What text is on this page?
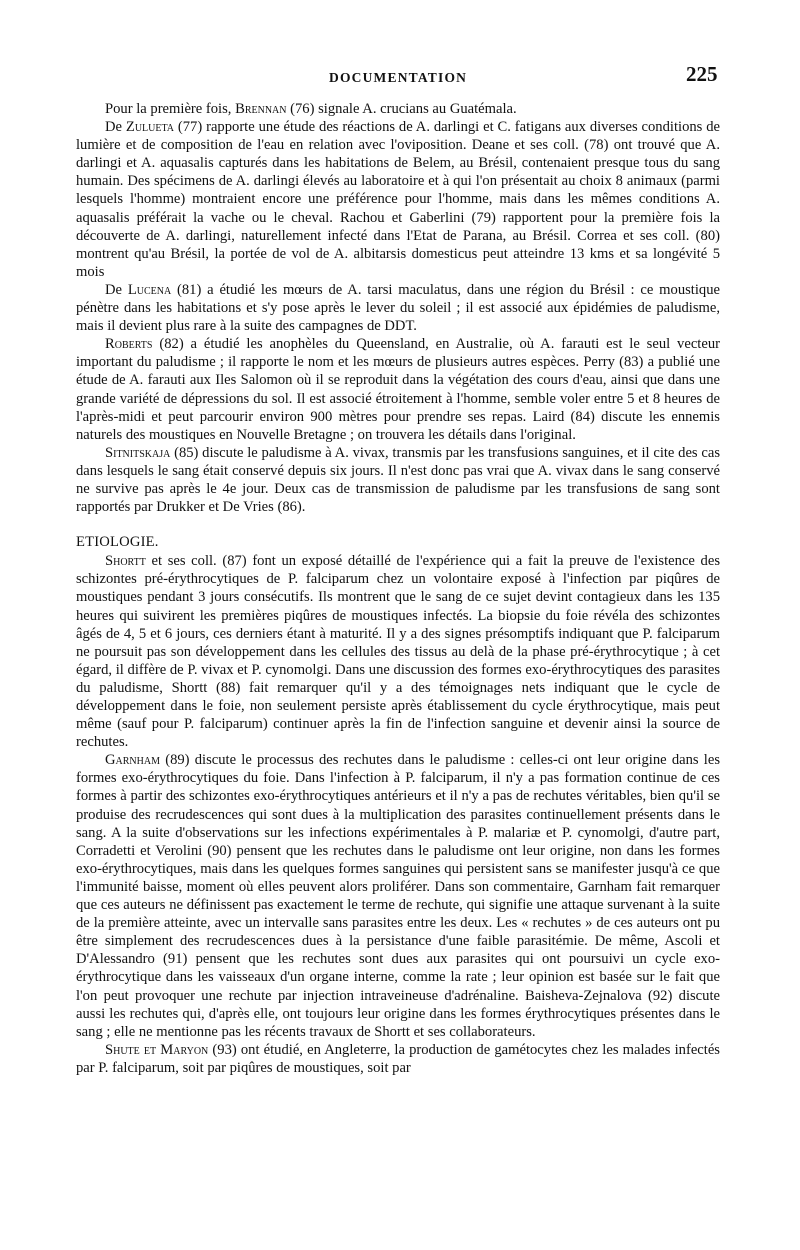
DOCUMENTATION	225

Pour la première fois, Brennan (76) signale A. crucians au Guatémala.

De Zulueta (77) rapporte une étude des réactions de A. darlingi et C. fatigans aux diverses conditions de lumière et de composition de l'eau en relation avec l'oviposition. Deane et ses coll. (78) ont trouvé que A. darlingi et A. aquasalis capturés dans les habitations de Belem, au Brésil, contenaient presque tous du sang humain. Des spécimens de A. darlingi élevés au laboratoire et à qui l'on présentait au choix 8 animaux (parmi lesquels l'homme) montraient encore une préférence pour l'homme, mais dans les mêmes conditions A. aquasalis préférait la vache ou le cheval. Rachou et Gaberlini (79) rapportent pour la première fois la découverte de A. darlingi, naturellement infecté dans l'Etat de Parana, au Brésil. Correa et ses coll. (80) montrent qu'au Brésil, la portée de vol de A. albitarsis domesticus peut atteindre 13 kms et sa longévité 5 mois

De Lucena (81) a étudié les mœurs de A. tarsi maculatus, dans une région du Brésil : ce moustique pénètre dans les habitations et s'y pose après le lever du soleil ; il est associé aux épidémies de paludisme, mais il devient plus rare à la suite des campagnes de DDT.

Roberts (82) a étudié les anophèles du Queensland, en Australie, où A. farauti est le seul vecteur important du paludisme ; il rapporte le nom et les mœurs de plusieurs autres espèces. Perry (83) a publié une étude de A. farauti aux Iles Salomon où il se reproduit dans la végétation des cours d'eau, ainsi que dans une grande variété de dépressions du sol. Il est associé étroitement à l'homme, semble voler entre 5 et 8 heures de l'après-midi et peut parcourir environ 900 mètres pour prendre ses repas. Laird (84) discute les ennemis naturels des moustiques en Nouvelle Bretagne ; on trouvera les détails dans l'original.

Sitnitskaja (85) discute le paludisme à A. vivax, transmis par les transfusions sanguines, et il cite des cas dans lesquels le sang était conservé depuis six jours. Il n'est donc pas vrai que A. vivax dans le sang conservé ne survive pas après le 4e jour. Deux cas de transmission de paludisme par les transfusions de sang sont rapportés par Drukker et De Vries (86).

ETIOLOGIE.

Shortt et ses coll. (87) font un exposé détaillé de l'expérience qui a fait la preuve de l'existence des schizontes pré-érythrocytiques de P. falciparum chez un volontaire exposé à l'infection par piqûres de moustiques pendant 3 jours consécutifs. Ils montrent que le sang de ce sujet devint contagieux dans les 135 heures qui suivirent les premières piqûres de moustiques infectés. La biopsie du foie révéla des schizontes âgés de 4, 5 et 6 jours, ces derniers étant à maturité. Il y a des signes présomptifs indiquant que P. falciparum ne poursuit pas son développement dans les cellules des tissus au delà de la phase pré-érythrocytique ; à cet égard, il diffère de P. vivax et P. cynomolgi. Dans une discussion des formes exo-érythrocytiques des parasites du paludisme, Shortt (88) fait remarquer qu'il y a des témoignages nets indiquant que le cycle de développement dans le foie, non seulement persiste après établissement du cycle érythrocytique, mais peut même (sauf pour P. falciparum) continuer après la fin de l'infection sanguine et devenir ainsi la source de rechutes.

Garnham (89) discute le processus des rechutes dans le paludisme : celles-ci ont leur origine dans les formes exo-érythrocytiques du foie. Dans l'infection à P. falciparum, il n'y a pas formation continue de ces formes à partir des schizontes exo-érythrocytiques antérieurs et il n'y a pas de rechutes véritables, bien qu'il se produise des recrudescences qui sont dues à la multiplication des parasites continuellement présents dans le sang. A la suite d'observations sur les infections expérimentales à P. malariæ et P. cynomolgi, d'autre part, Corradetti et Verolini (90) pensent que les rechutes dans le paludisme ont leur origine, non dans les formes exo-érythrocytiques, mais dans les quelques formes sanguines qui persistent sans se manifester jusqu'à ce que l'immunité baisse, moment où elles peuvent alors proliférer. Dans son commentaire, Garnham fait remarquer que ces auteurs ne définissent pas exactement le terme de rechute, qui signifie une attaque survenant à la suite de la première atteinte, avec un intervalle sans parasites entre les deux. Les « rechutes » de ces auteurs ont pu être simplement des recrudescences dues à la persistance d'une faible parasitémie. De même, Ascoli et D'Alessandro (91) pensent que les rechutes sont dues aux parasites qui ont poursuivi un cycle exo-érythrocytique dans les vaisseaux d'un organe interne, comme la rate ; leur opinion est basée sur le fait que l'on peut provoquer une rechute par injection intraveineuse d'adrénaline. Baisheva-Zejnalova (92) discute aussi les rechutes qui, d'après elle, ont toujours leur origine dans les formes érythrocytiques présentes dans le sang ; elle ne mentionne pas les récents travaux de Shortt et ses collaborateurs.

Shute et Maryon (93) ont étudié, en Angleterre, la production de gamétocytes chez les malades infectés par P. falciparum, soit par piqûres de moustiques, soit par
